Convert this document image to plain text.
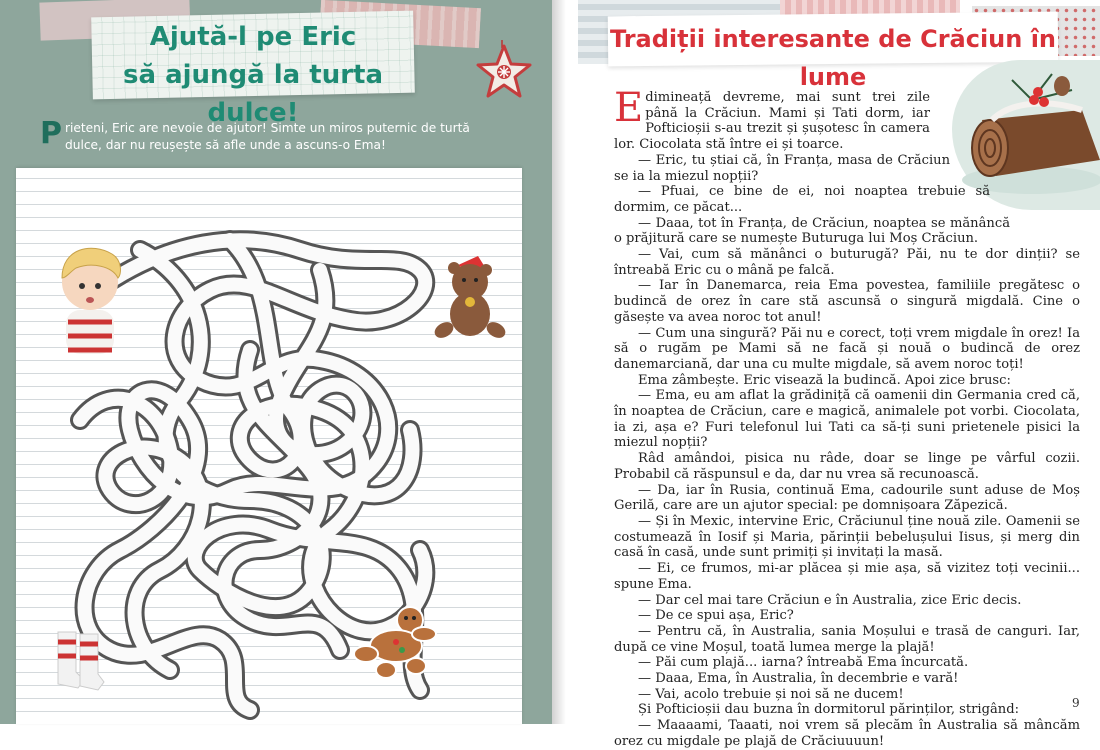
Ajută-l pe Eric
să ajungă la turta dulce!
Prieteni, Eric are nevoie de ajutor! Simte un miros puternic de turtă dulce, dar nu reușește să afle unde a ascuns-o Ema!
Tradiții interesante de Crăciun în lume

Edimineață devreme, mai sunt trei zile până la Crăciun. Mami și Tati dorm, iar Pofticioșii s-au trezit și șușotesc în camera lor. Ciocolata stă între ei și toarce.

— Eric, tu știai că, în Franța, masa de Crăciun se ia la miezul nopții?

— Pfuai, ce bine de ei, noi noaptea trebuie să dormim, ce păcat...

— Daaa, tot în Franța, de Crăciun, noaptea se mănâncă o prăjitură care se numește Buturuga lui Moș Crăciun.

— Vai, cum să mănânci o buturugă? Păi, nu te dor dinții? se întreabă Eric cu o mână pe falcă.

— Iar în Danemarca, reia Ema povestea, familiile pregătesc o budincă de orez în care stă ascunsă o singură migdală. Cine o găsește va avea noroc tot anul!

— Cum una singură? Păi nu e corect, toți vrem migdale în orez! Ia să o rugăm pe Mami să ne facă și nouă o budincă de orez danemarciană, dar una cu multe migdale, să avem noroc toți!

Ema zâmbește. Eric visează la budincă. Apoi zice brusc:

— Ema, eu am aflat la grădiniță că oamenii din Germania cred că, în noaptea de Crăciun, care e magică, animalele pot vorbi. Ciocolata, ia zi, așa e? Furi telefonul lui Tati ca să-ți suni prietenele pisici la miezul nopții?

Râd amândoi, pisica nu râde, doar se linge pe vârful cozii. Probabil că răspunsul e da, dar nu vrea să recunoască.

— Da, iar în Rusia, continuă Ema, cadourile sunt aduse de Moș Gerilă, care are un ajutor special: pe domnișoara Zăpezică.

— Și în Mexic, intervine Eric, Crăciunul ține nouă zile. Oamenii se costumează în Iosif și Maria, părinții bebelușului Iisus, și merg din casă în casă, unde sunt primiți și invitați la masă.

— Ei, ce frumos, mi-ar plăcea și mie așa, să vizitez toți vecinii... spune Ema.

— Dar cel mai tare Crăciun e în Australia, zice Eric decis.

— De ce spui așa, Eric?

— Pentru că, în Australia, sania Moșului e trasă de canguri. Iar, după ce vine Moșul, toată lumea merge la plajă!

— Păi cum plajă... iarna? întreabă Ema încurcată.

— Daaa, Ema, în Australia, în decembrie e vară!

— Vai, acolo trebuie și noi să ne ducem!

Și Pofticioșii dau buzna în dormitorul părinților, strigând:

— Maaaami, Taaati, noi vrem să plecăm în Australia să mâncăm orez cu migdale pe plajă de Crăciuuuun!

9
